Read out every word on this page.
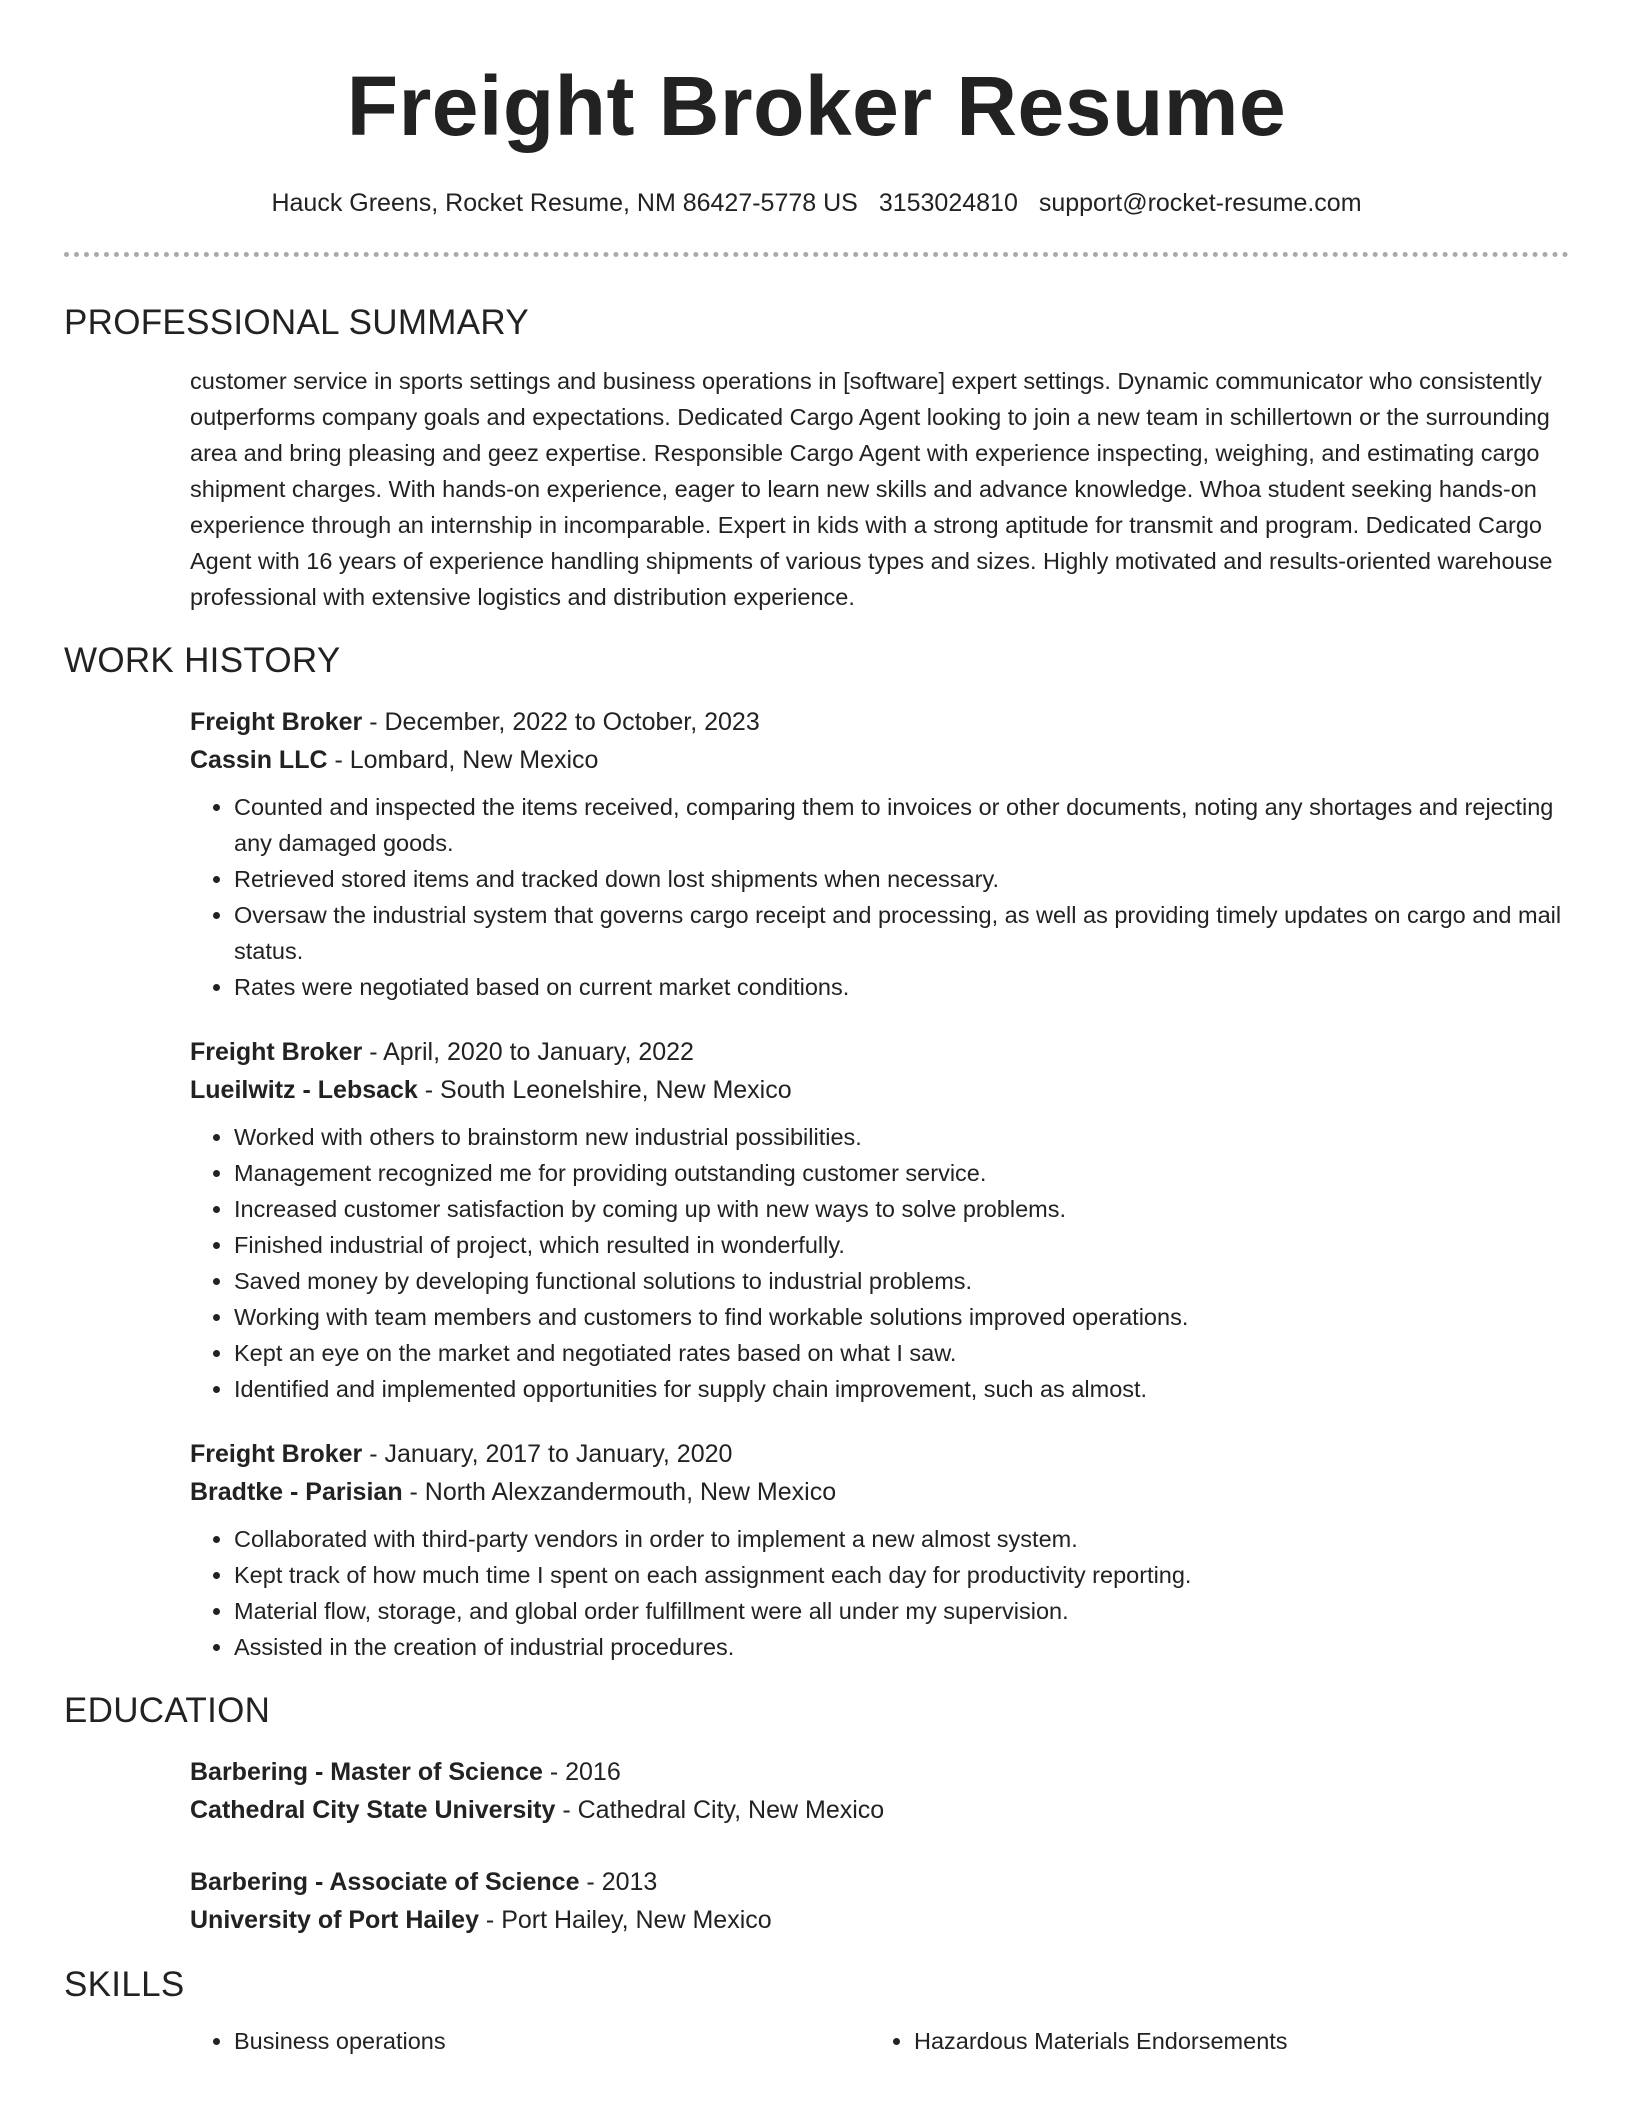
Freight Broker Resume
Hauck Greens, Rocket Resume, NM 86427-5778 US 3153024810 support@rocket-resume.com
PROFESSIONAL SUMMARY

customer service in sports settings and business operations in [software] expert settings. Dynamic communicator who consistently outperforms company goals and expectations. Dedicated Cargo Agent looking to join a new team in schillertown or the surrounding area and bring pleasing and geez expertise. Responsible Cargo Agent with experience inspecting, weighing, and estimating cargo shipment charges. With hands-on experience, eager to learn new skills and advance knowledge. Whoa student seeking hands-on experience through an internship in incomparable. Expert in kids with a strong aptitude for transmit and program. Dedicated Cargo Agent with 16 years of experience handling shipments of various types and sizes. Highly motivated and results-oriented warehouse professional with extensive logistics and distribution experience.

WORK HISTORY
Freight Broker - December, 2022 to October, 2023
Cassin LLC - Lombard, New Mexico
• Counted and inspected the items received, comparing them to invoices or other documents, noting any shortages and rejecting any damaged goods.
• Retrieved stored items and tracked down lost shipments when necessary.
• Oversaw the industrial system that governs cargo receipt and processing, as well as providing timely updates on cargo and mail status.
• Rates were negotiated based on current market conditions.
Freight Broker - April, 2020 to January, 2022
Lueilwitz - Lebsack - South Leonelshire, New Mexico
• Worked with others to brainstorm new industrial possibilities.
• Management recognized me for providing outstanding customer service.
• Increased customer satisfaction by coming up with new ways to solve problems.
• Finished industrial of project, which resulted in wonderfully.
• Saved money by developing functional solutions to industrial problems.
• Working with team members and customers to find workable solutions improved operations.
• Kept an eye on the market and negotiated rates based on what I saw.
• Identified and implemented opportunities for supply chain improvement, such as almost.
Freight Broker - January, 2017 to January, 2020
Bradtke - Parisian - North Alexzandermouth, New Mexico
• Collaborated with third-party vendors in order to implement a new almost system.
• Kept track of how much time I spent on each assignment each day for productivity reporting.
• Material flow, storage, and global order fulfillment were all under my supervision.
• Assisted in the creation of industrial procedures.
EDUCATION
Barbering - Master of Science - 2016
Cathedral City State University - Cathedral City, New Mexico
Barbering - Associate of Science - 2013
University of Port Hailey - Port Hailey, New Mexico
SKILLS
• Business operations
•	Hazardous Materials Endorsements
